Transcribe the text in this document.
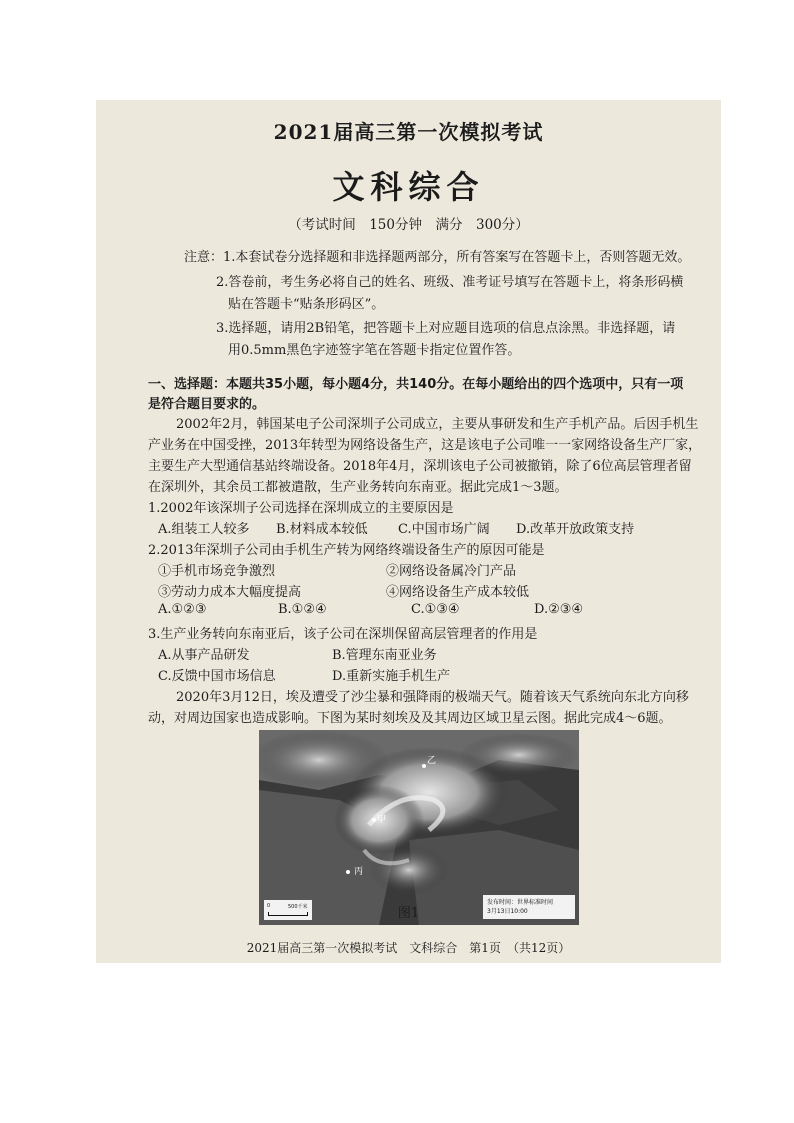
2021届高三第一次模拟考试
文科综合
（考试时间　150分钟　满分　300分）
注意：1.本套试卷分选择题和非选择题两部分，所有答案写在答题卡上，否则答题无效。
2.答卷前，考生务必将自己的姓名、班级、准考证号填写在答题卡上，将条形码横
贴在答题卡“贴条形码区”。
3.选择题，请用2B铅笔，把答题卡上对应题目选项的信息点涂黑。非选择题，请
用0.5mm黑色字迹签字笔在答题卡指定位置作答。
一、选择题：本题共35小题，每小题4分，共140分。在每小题给出的四个选项中，只有一项
是符合题目要求的。
2002年2月，韩国某电子公司深圳子公司成立，主要从事研发和生产手机产品。后因手机生
产业务在中国受挫，2013年转型为网络设备生产，这是该电子公司唯一一家网络设备生产厂家，
主要生产大型通信基站终端设备。2018年4月，深圳该电子公司被撤销，除了6位高层管理者留
在深圳外，其余员工都被遣散，生产业务转向东南亚。据此完成1～3题。
1.2002年该深圳子公司选择在深圳成立的主要原因是
A.组装工人较多 B.材料成本较低 C.中国市场广阔 D.改革开放政策支持
2.2013年深圳子公司由手机生产转为网络终端设备生产的原因可能是
①手机市场竞争激烈	②网络设备属冷门产品
③劳动力成本大幅度提高	④网络设备生产成本较低
A.①②③	B.①②④	C.①③④	D.②③④
3.生产业务转向东南亚后，该子公司在深圳保留高层管理者的作用是
A.从事产品研发	B.管理东南亚业务
C.反馈中国市场信息	D.重新实施手机生产
2020年3月12日，埃及遭受了沙尘暴和强降雨的极端天气。随着该天气系统向东北方向移
动，对周边国家也造成影响。下图为某时刻埃及及其周边区域卫星云图。据此完成4～6题。
乙
甲
丙
0	500千米
发布时间：世界标准时间
3月13日10:00
图1
2021届高三第一次模拟考试　文科综合　第1页　（共12页）
